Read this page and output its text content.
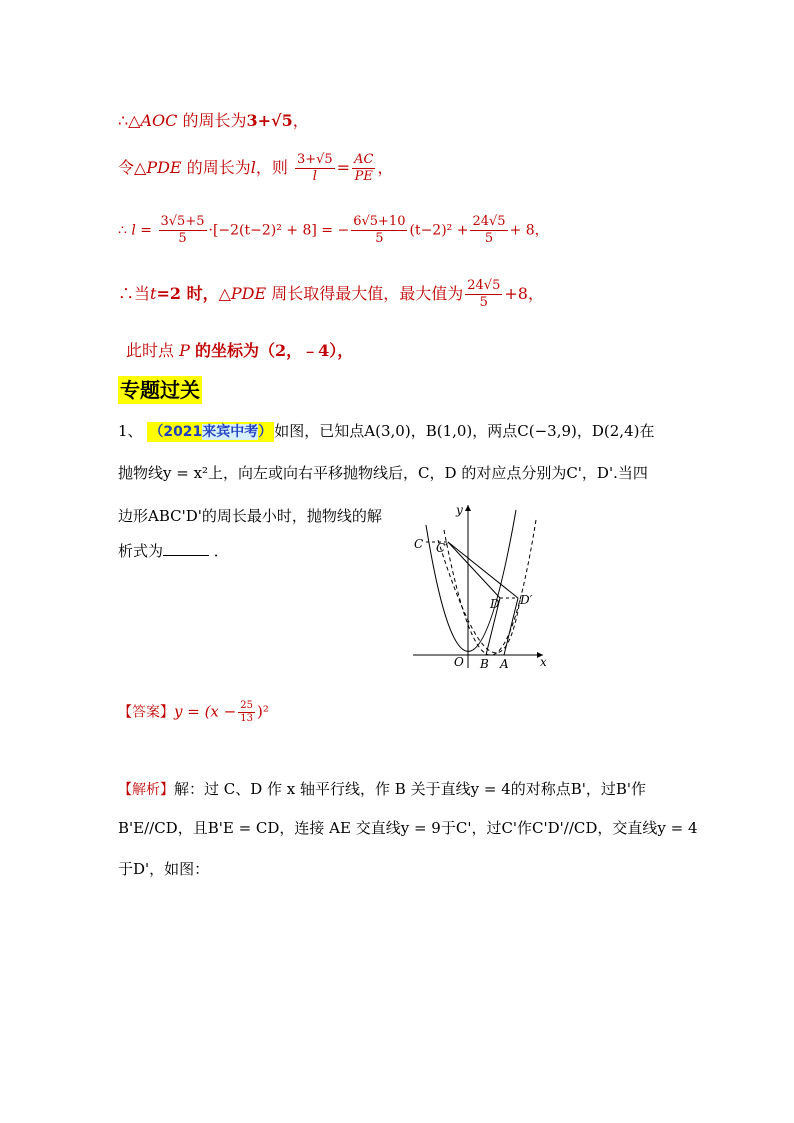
∴△AOC 的周长为3+√5，
令△PDE 的周长为l，则 $\frac{3+√5}{l} = \frac{AC}{PE}$ ，
∴ $l = \frac{3√5+5}{5} \cdot[-2(t-2)^2 + 8]$ = − $\frac{6√5+10}{5} (t-2)^2 + \frac{24√5}{5} + 8$，
∴当t=2 时，△PDE 周长取得最大值，最大值为 $\frac{24√5}{5} +8$，
此时点 P 的坐标为（2，﹣4），
专题过关
1、 （2021来宾中考） 如图，已知点A(3,0)，B(1,0)，两点C(−3,9)，D(2,4)在
抛物线y = x²上，向左或向右平移抛物线后，C，D 的对应点分别为C'，D'.当四
边形ABC'D'的周长最小时，抛物线的解
析式为	．	C C′
D D′
O B A	x
y
【答案】$y = (x - \frac{25}{13} )^2$
【解析】解：过 C、D 作 x 轴平行线，作 B 关于直线y = 4的对称点B'，过B'作
B'E//CD，且B'E = CD，连接 AE 交直线y = 9于C'，过C'作C'D'//CD，交直线y = 4
于D'，如图：
